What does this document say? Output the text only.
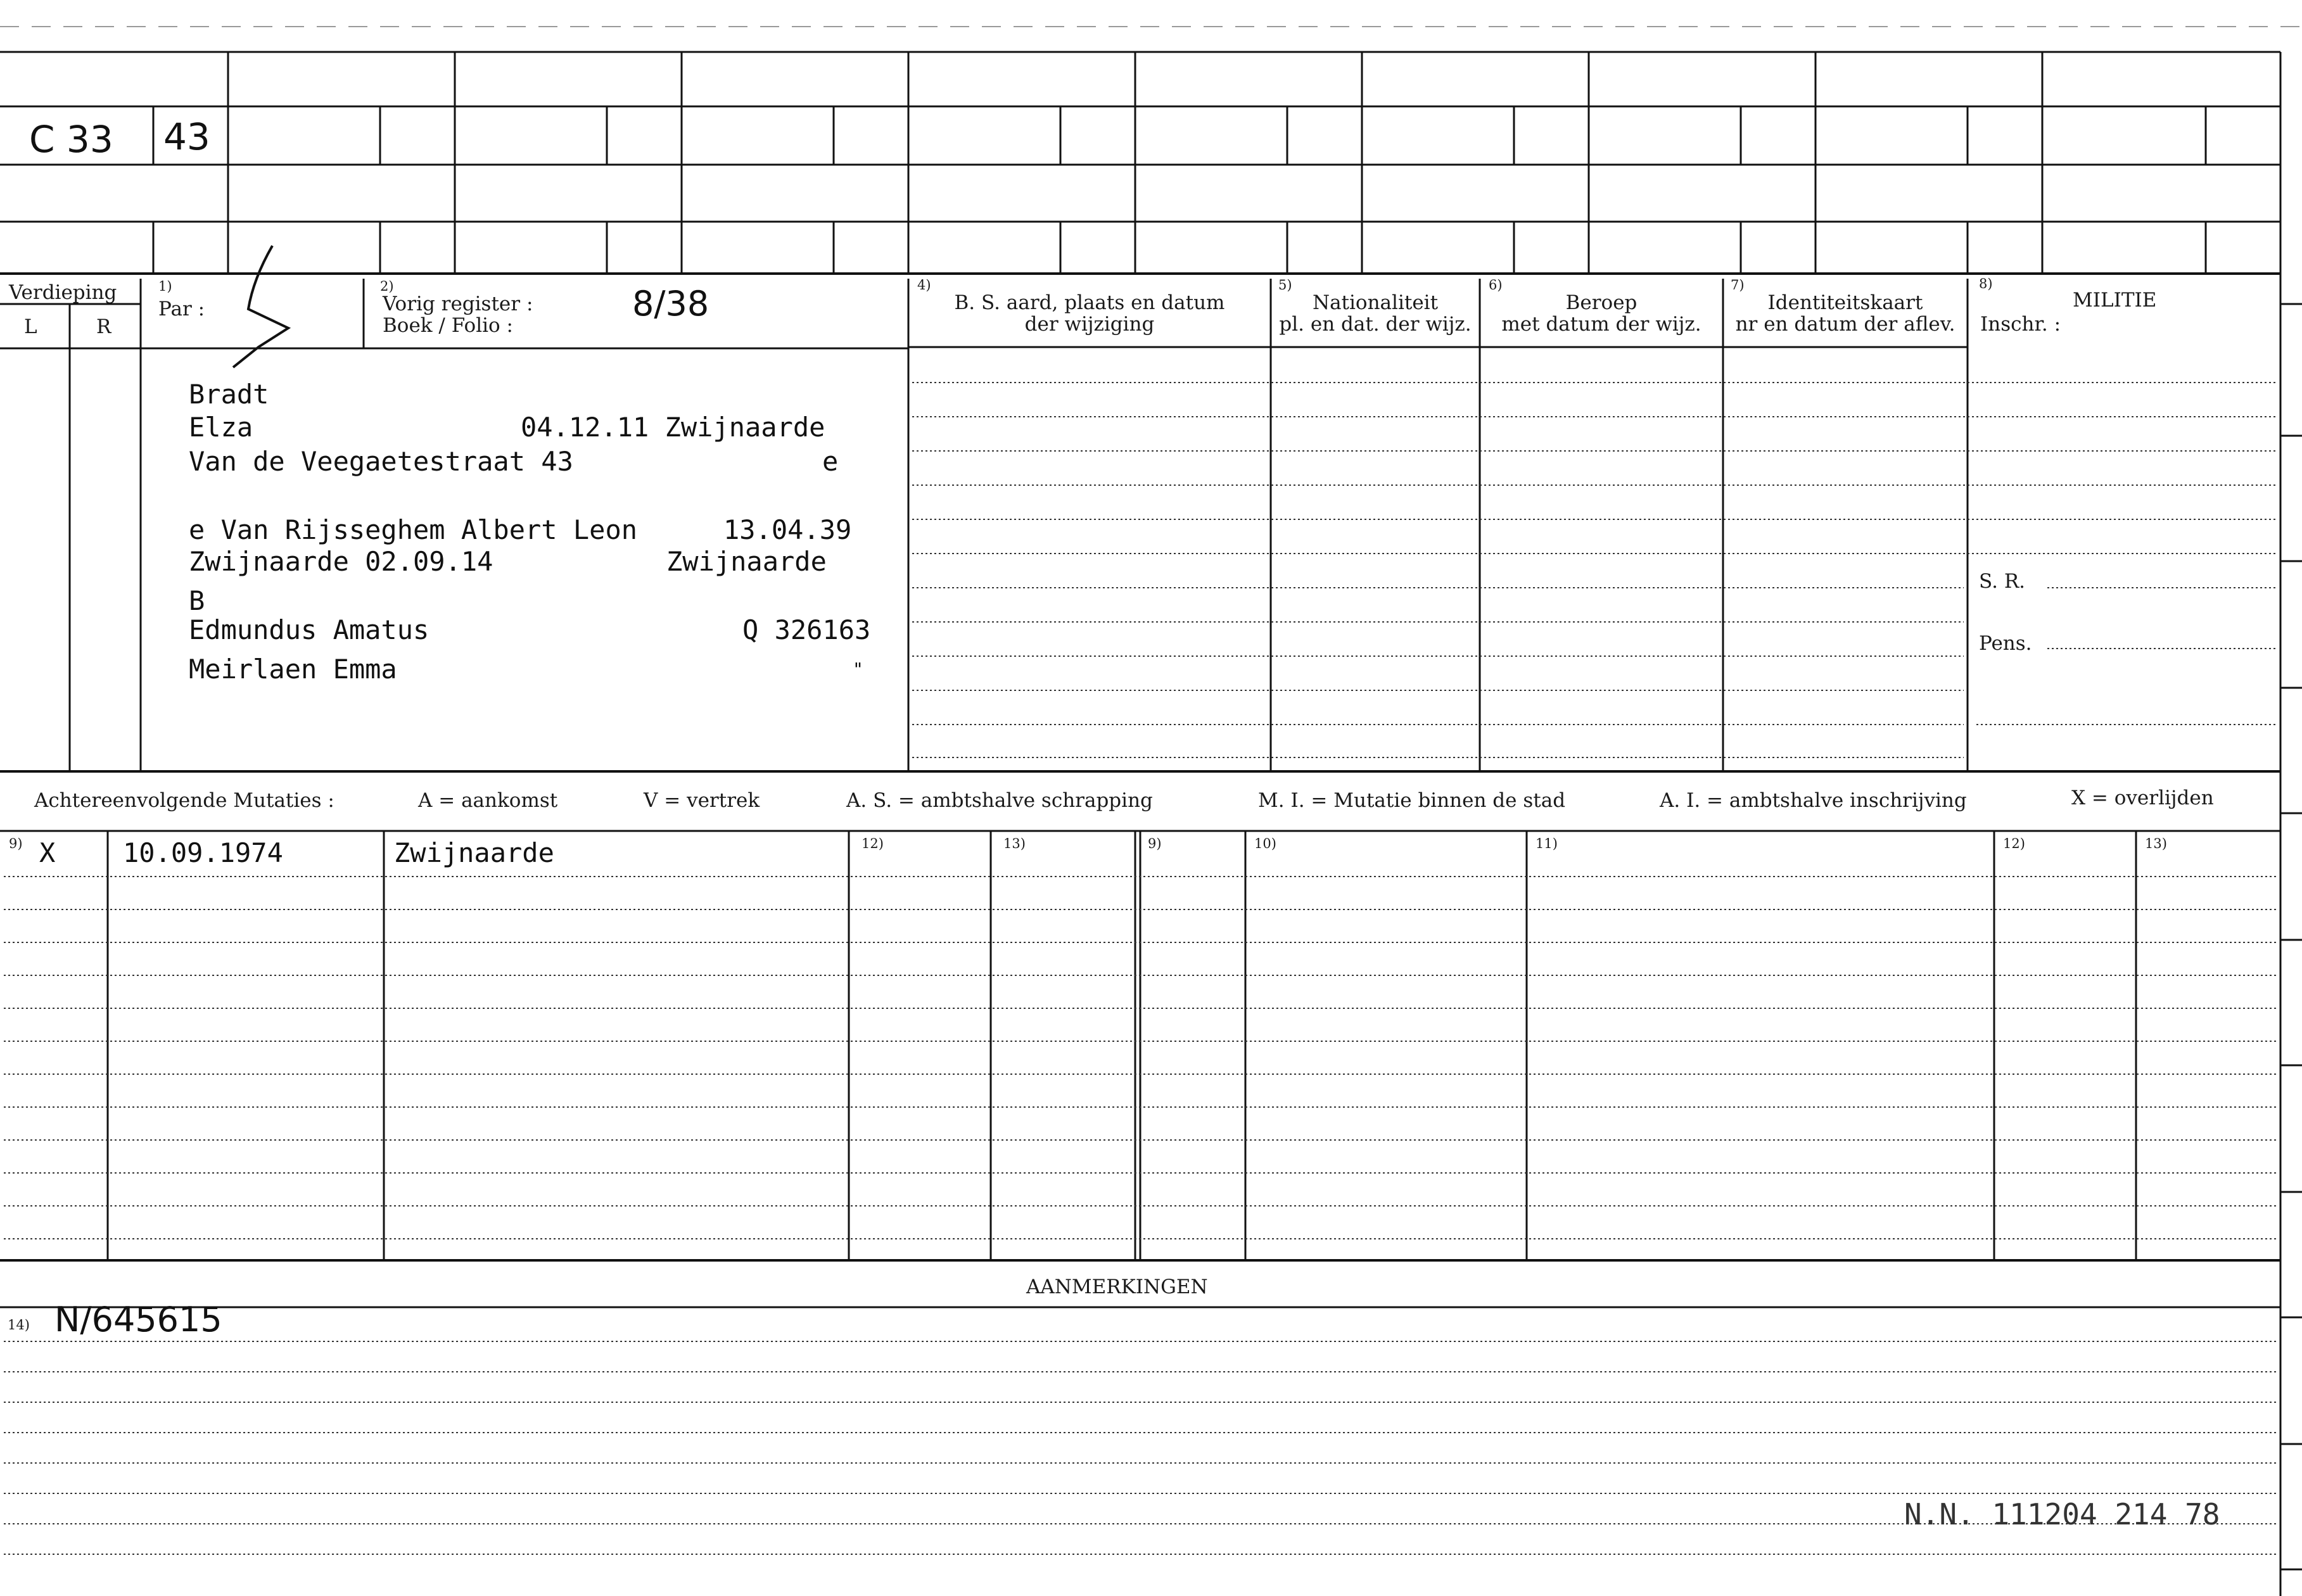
C 33 43
Verdieping
L	R
1)
Par :
2)
Vorig register :
Boek / Folio :
8/38	4)
B. S. aard, plaats en datum
der wijziging
5)
Nationaliteit
pl. en dat. der wijz.
6)
Beroep
met datum der wijz.
7)
Identiteitskaart
nr en datum der aflev.
8)
MILITIE
Inschr. :
S. R.
Pens.
Bradt
Elza	04.12.11 Zwijnaarde
Van de Veegaetestraat 43	e
e Van Rijsseghem Albert Leon	13.04.39
Zwijnaarde 02.09.14	Zwijnaarde
B
Edmundus Amatus	Q 326163
Meirlaen Emma	"
Achtereenvolgende Mutaties :	A = aankomst	V = vertrek	A. S. = ambtshalve schrapping	M. I. = Mutatie binnen de stad	A. I. = ambtshalve inschrijving	X = overlijden
9)	12)	13)	9)	10)	11)	12)	13)
X	10.09.1974	Zwijnaarde
AANMERKINGEN
14) N/645615
N.N. 111204 214 78
